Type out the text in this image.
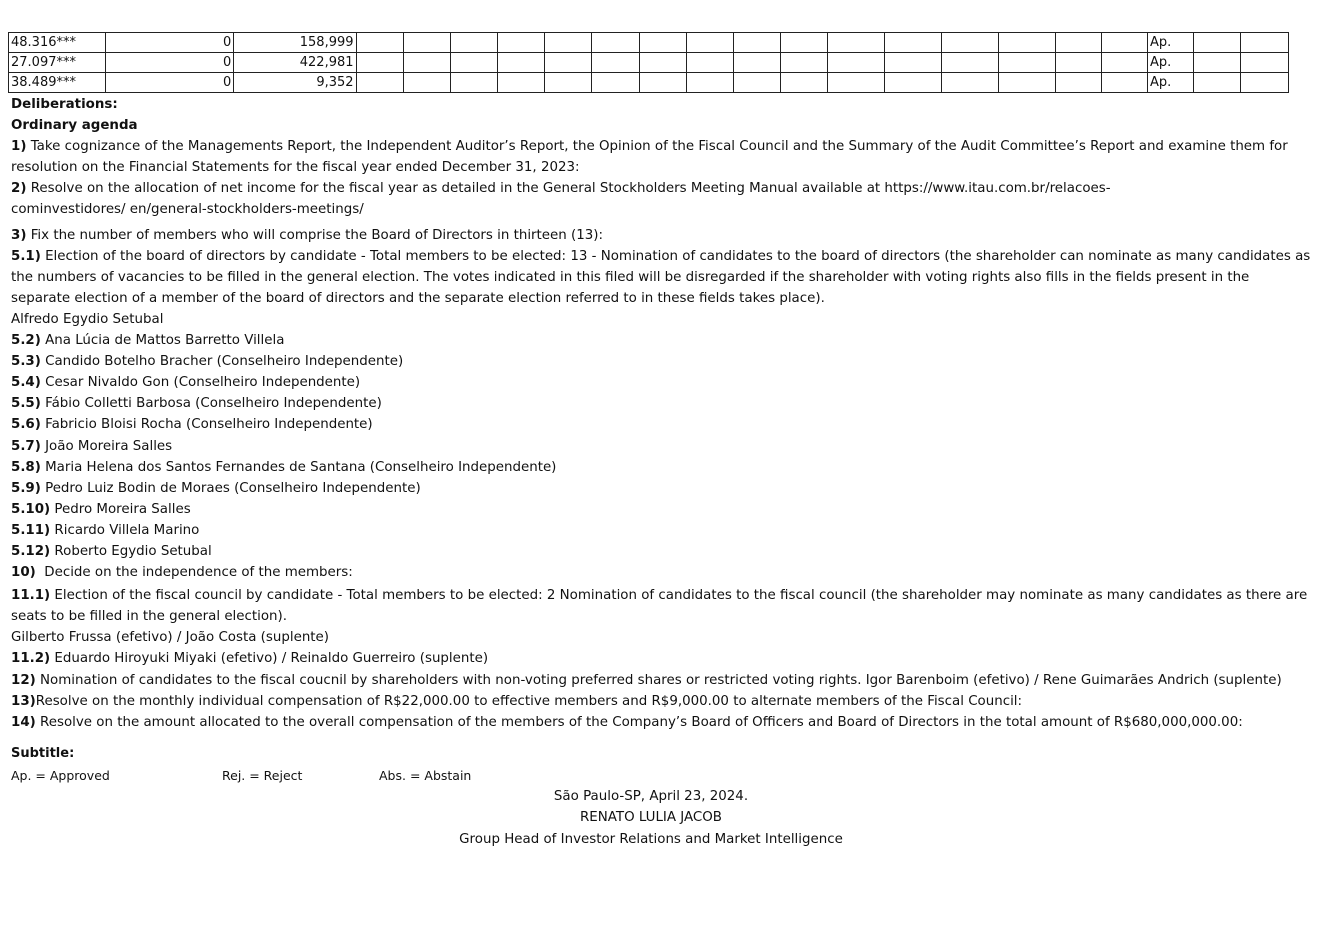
48.316***	0	158,999																	Ap.		
27.097***	0	422,981																	Ap.		
38.489***	0	9,352																	Ap.		
Deliberations:
Ordinary agenda
1) Take cognizance of the Managements Report, the Independent Auditor’s Report, the Opinion of the Fiscal Council and the Summary of the Audit Committee’s Report and examine them for resolution on the Financial Statements for the fiscal year ended December 31, 2023:
2) Resolve on the allocation of net income for the fiscal year as detailed in the General Stockholders Meeting Manual available at https://www.itau.com.br/relacoes-cominvestidores/ en/general-stockholders-meetings/
3) Fix the number of members who will comprise the Board of Directors in thirteen (13):
5.1) Election of the board of directors by candidate - Total members to be elected: 13 - Nomination of candidates to the board of directors (the shareholder can nominate as many candidates as the numbers of vacancies to be filled in the general election. The votes indicated in this filed will be disregarded if the shareholder with voting rights also fills in the fields present in the separate election of a member of the board of directors and the separate election referred to in these fields takes place).
Alfredo Egydio Setubal
5.2) Ana Lúcia de Mattos Barretto Villela
5.3) Candido Botelho Bracher (Conselheiro Independente)
5.4) Cesar Nivaldo Gon (Conselheiro Independente)
5.5) Fábio Colletti Barbosa (Conselheiro Independente)
5.6) Fabricio Bloisi Rocha (Conselheiro Independente)
5.7) João Moreira Salles
5.8) Maria Helena dos Santos Fernandes de Santana (Conselheiro Independente)
5.9) Pedro Luiz Bodin de Moraes (Conselheiro Independente)
5.10) Pedro Moreira Salles
5.11) Ricardo Villela Marino
5.12) Roberto Egydio Setubal
10)  Decide on the independence of the members:
11.1) Election of the fiscal council by candidate - Total members to be elected: 2 Nomination of candidates to the fiscal council (the shareholder may nominate as many candidates as there are seats to be filled in the general election).
Gilberto Frussa (efetivo) / João Costa (suplente)
11.2) Eduardo Hiroyuki Miyaki (efetivo) / Reinaldo Guerreiro (suplente)
12) Nomination of candidates to the fiscal coucnil by shareholders with non-voting preferred shares or restricted voting rights. Igor Barenboim (efetivo) / Rene Guimarães Andrich (suplente)
13)Resolve on the monthly individual compensation of R$22,000.00 to effective members and R$9,000.00 to alternate members of the Fiscal Council:
14) Resolve on the amount allocated to the overall compensation of the members of the Company’s Board of Officers and Board of Directors in the total amount of R$680,000,000.00:
Subtitle:
Ap. = Approved	Rej. = Reject	Abs. = Abstain
São Paulo-SP, April 23, 2024.
RENATO LULIA JACOB
Group Head of Investor Relations and Market Intelligence
